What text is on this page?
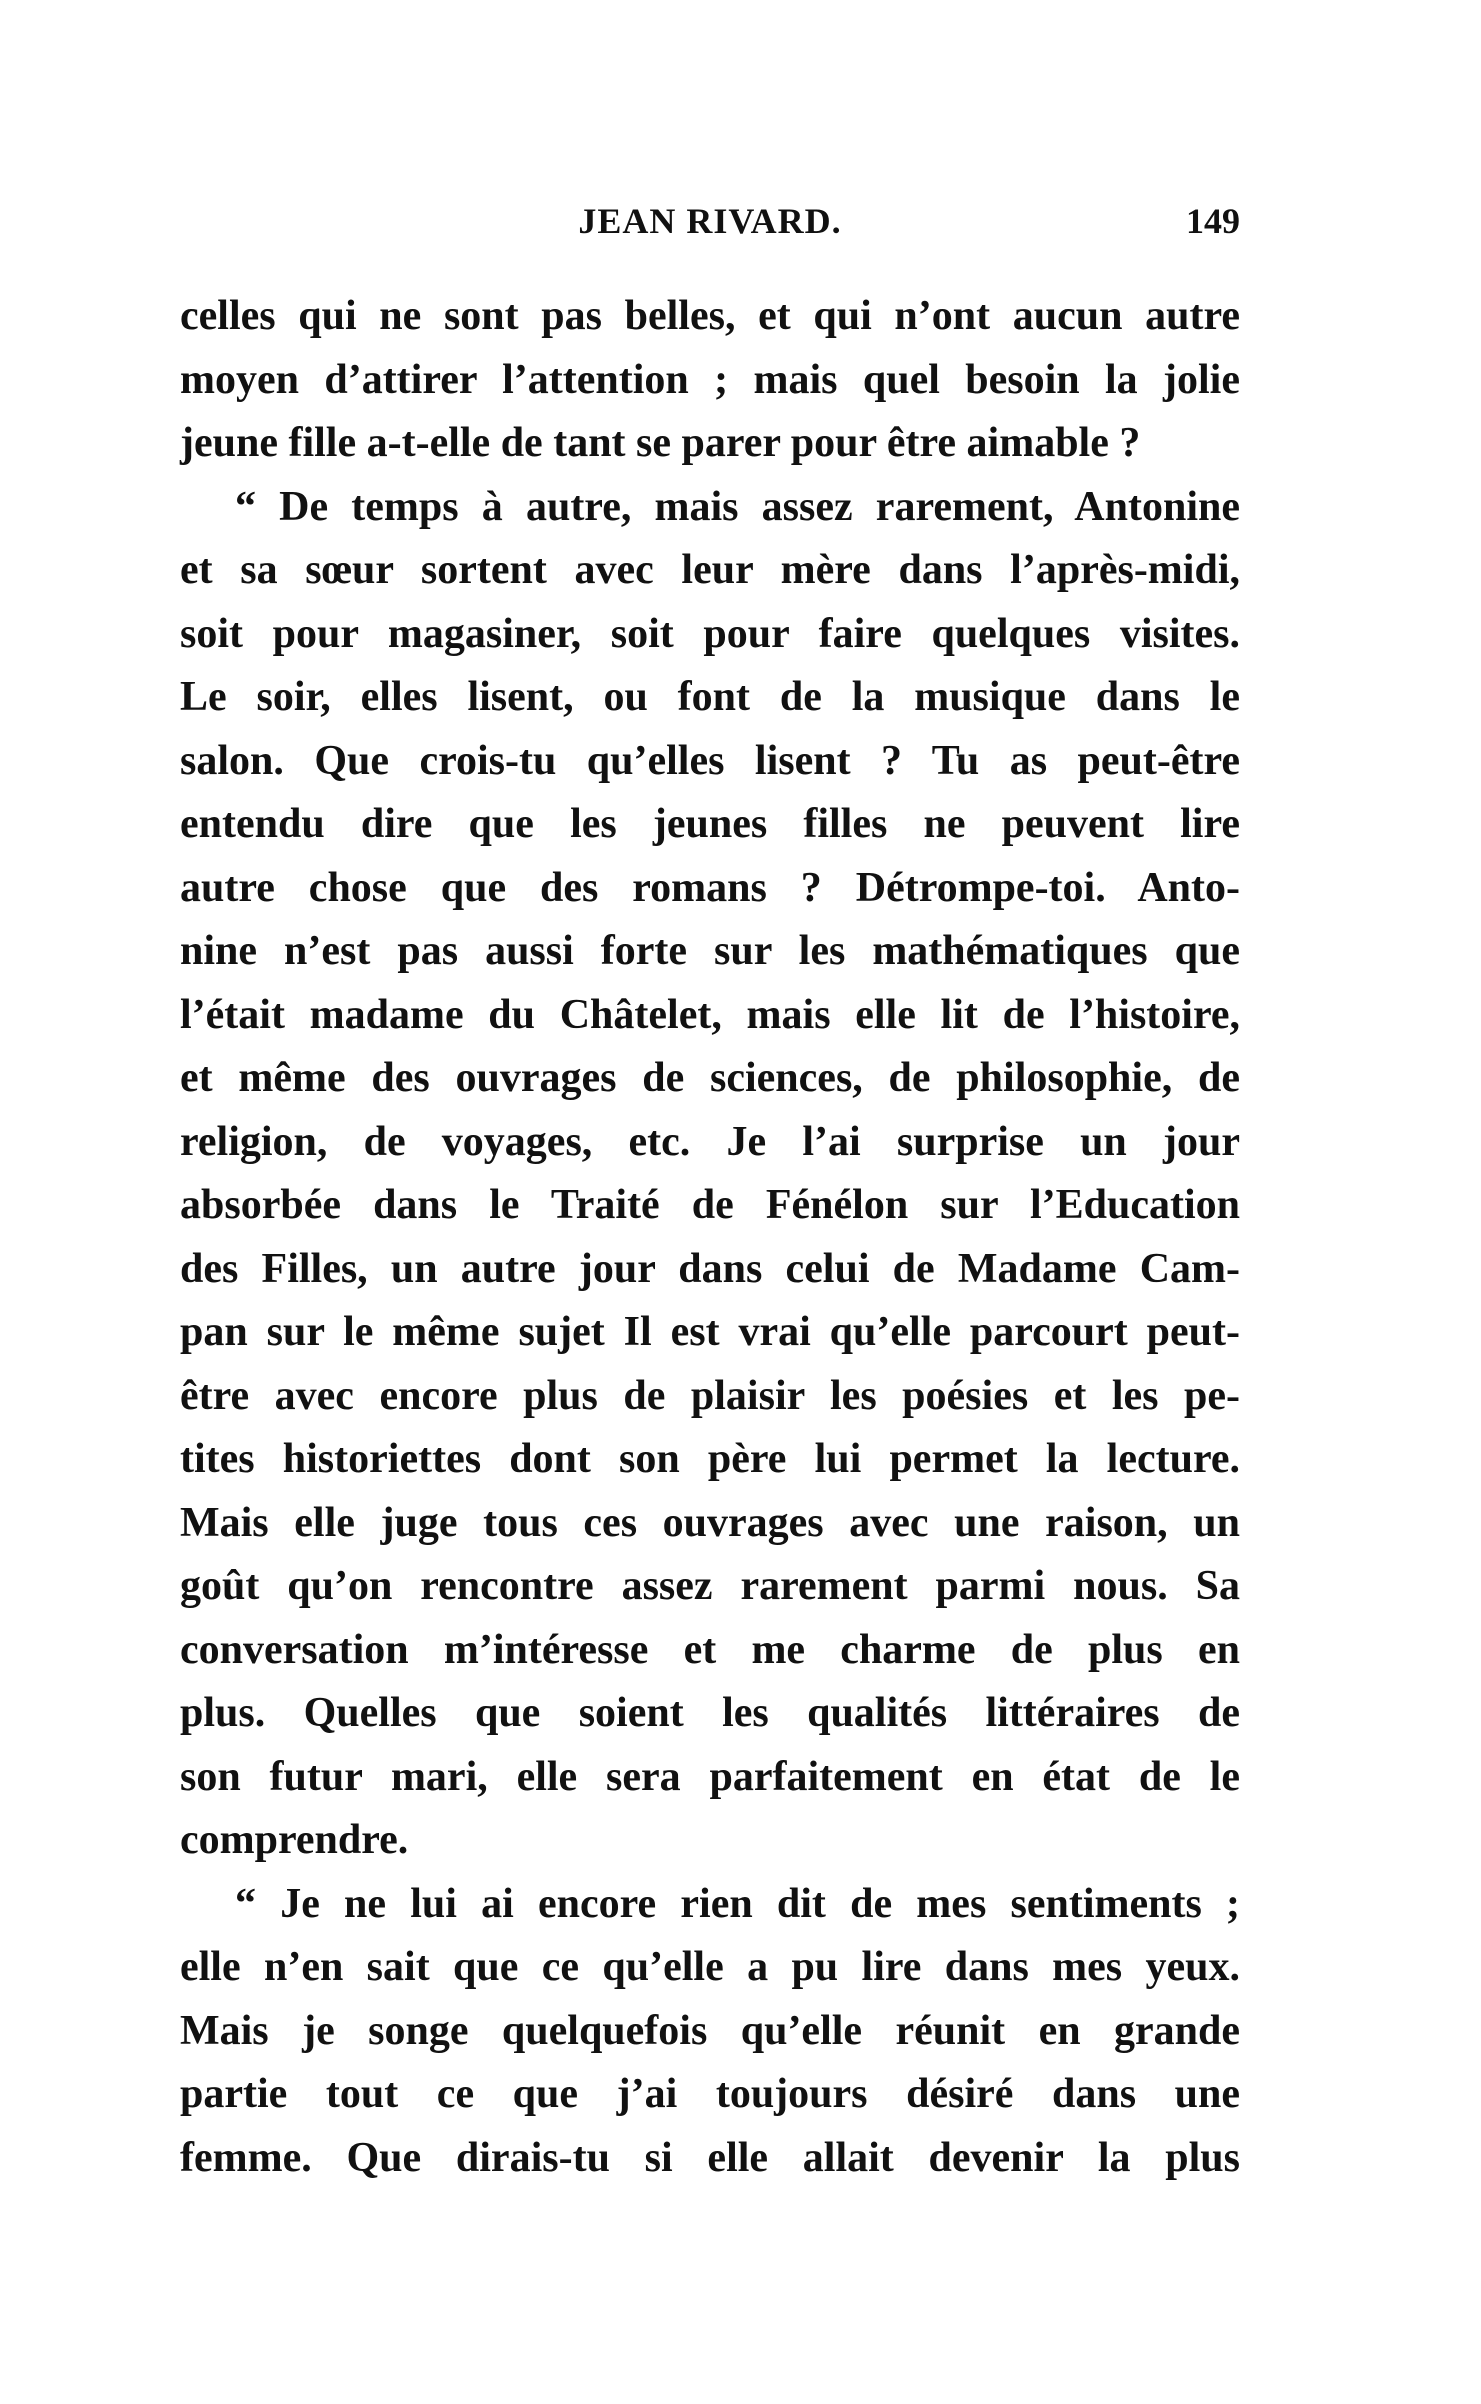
JEAN RIVARD.	149
celles qui ne sont pas belles, et qui n’ont aucun autre
moyen d’attirer l’attention ; mais quel besoin la jolie
jeune fille a-t-elle de tant se parer pour être aimable ?
“ De temps à autre, mais assez rarement, Antonine
et sa sœur sortent avec leur mère dans l’après-midi,
soit pour magasiner, soit pour faire quelques visites.
Le soir, elles lisent, ou font de la musique dans le
salon. Que crois-tu qu’elles lisent ? Tu as peut-être
entendu dire que les jeunes filles ne peuvent lire
autre chose que des romans ? Détrompe-toi. Anto-
nine n’est pas aussi forte sur les mathématiques que
l’était madame du Châtelet, mais elle lit de l’histoire,
et même des ouvrages de sciences, de philosophie, de
religion, de voyages, etc. Je l’ai surprise un jour
absorbée dans le Traité de Fénélon sur l’Education
des Filles, un autre jour dans celui de Madame Cam-
pan sur le même sujet Il est vrai qu’elle parcourt peut-
être avec encore plus de plaisir les poésies et les pe-
tites historiettes dont son père lui permet la lecture.
Mais elle juge tous ces ouvrages avec une raison, un
goût qu’on rencontre assez rarement parmi nous. Sa
conversation m’intéresse et me charme de plus en
plus. Quelles que soient les qualités littéraires de
son futur mari, elle sera parfaitement en état de le
comprendre.
“ Je ne lui ai encore rien dit de mes sentiments ;
elle n’en sait que ce qu’elle a pu lire dans mes yeux.
Mais je songe quelquefois qu’elle réunit en grande
partie tout ce que j’ai toujours désiré dans une
femme. Que dirais-tu si elle allait devenir la plus
